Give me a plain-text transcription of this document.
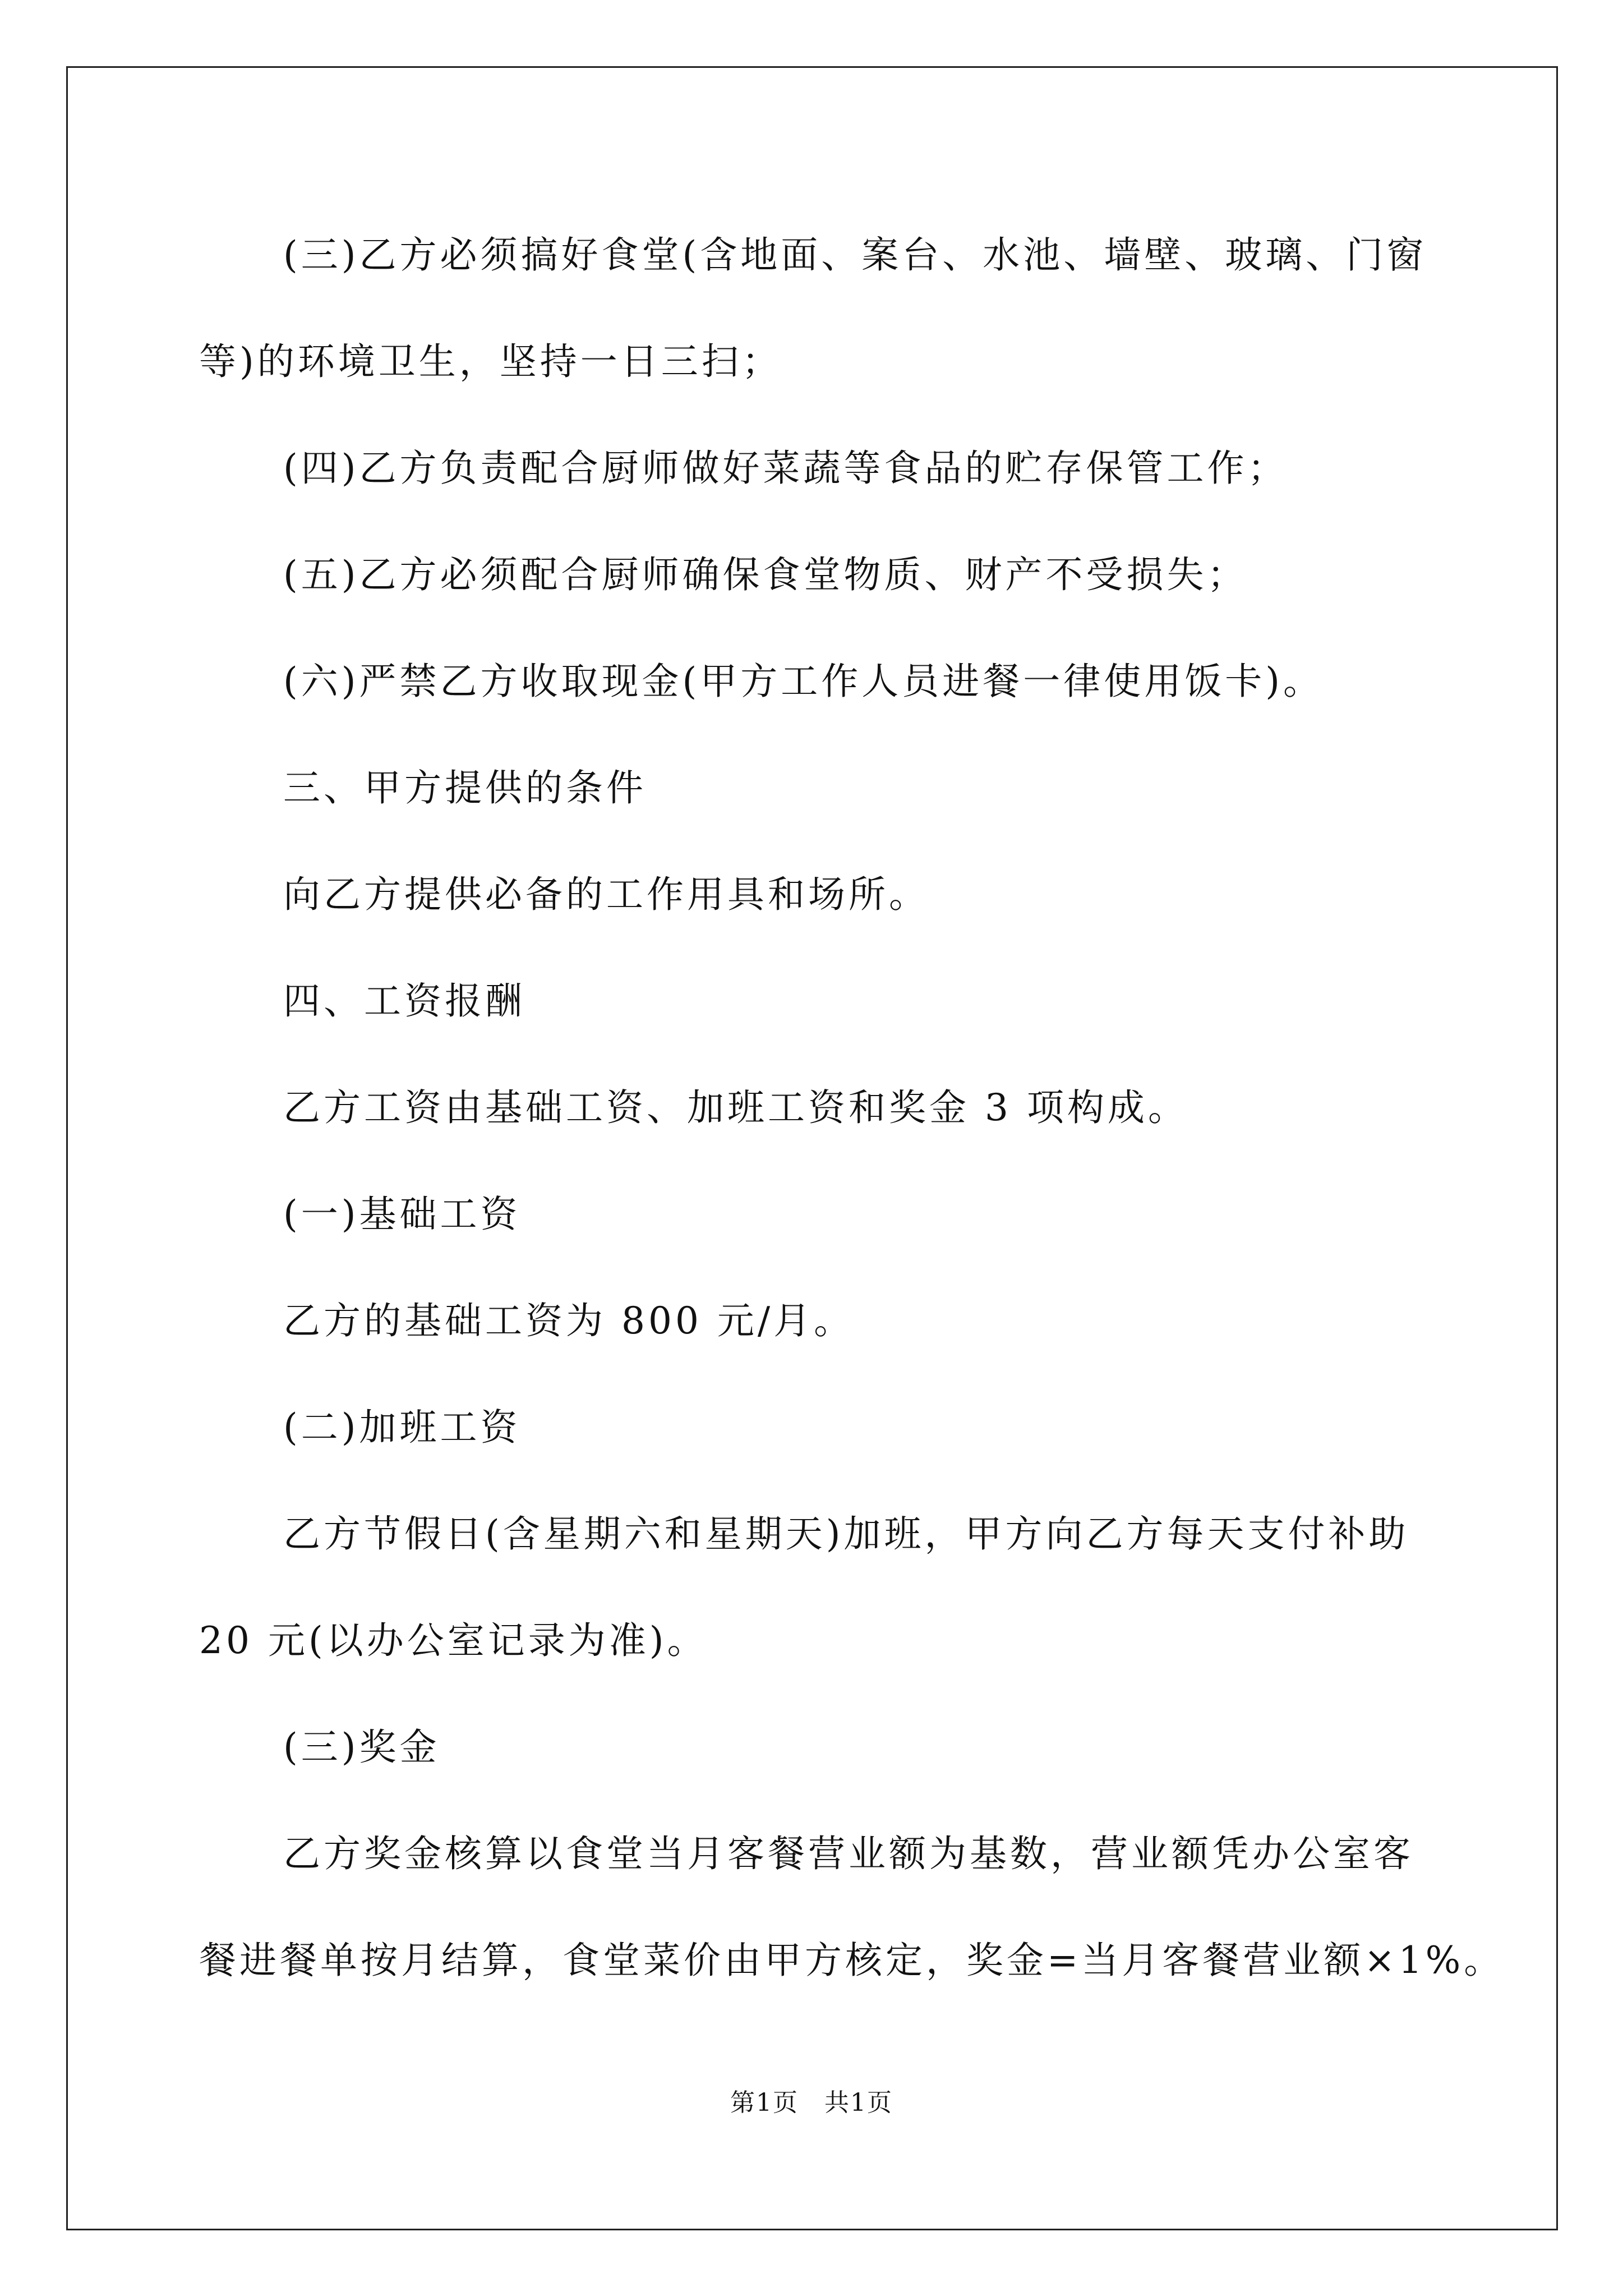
(三)乙方必须搞好食堂(含地面、案台、水池、墙壁、玻璃、门窗

等)的环境卫生，坚持一日三扫；

(四)乙方负责配合厨师做好菜蔬等食品的贮存保管工作；

(五)乙方必须配合厨师确保食堂物质、财产不受损失；

(六)严禁乙方收取现金(甲方工作人员进餐一律使用饭卡)。

三、甲方提供的条件

向乙方提供必备的工作用具和场所。

四、工资报酬

乙方工资由基础工资、加班工资和奖金 3 项构成。

(一)基础工资

乙方的基础工资为 800 元/月。

(二)加班工资

乙方节假日(含星期六和星期天)加班，甲方向乙方每天支付补助

20 元(以办公室记录为准)。

(三)奖金

乙方奖金核算以食堂当月客餐营业额为基数，营业额凭办公室客

餐进餐单按月结算，食堂菜价由甲方核定，奖金=当月客餐营业额×1%。

第1页　共1页
